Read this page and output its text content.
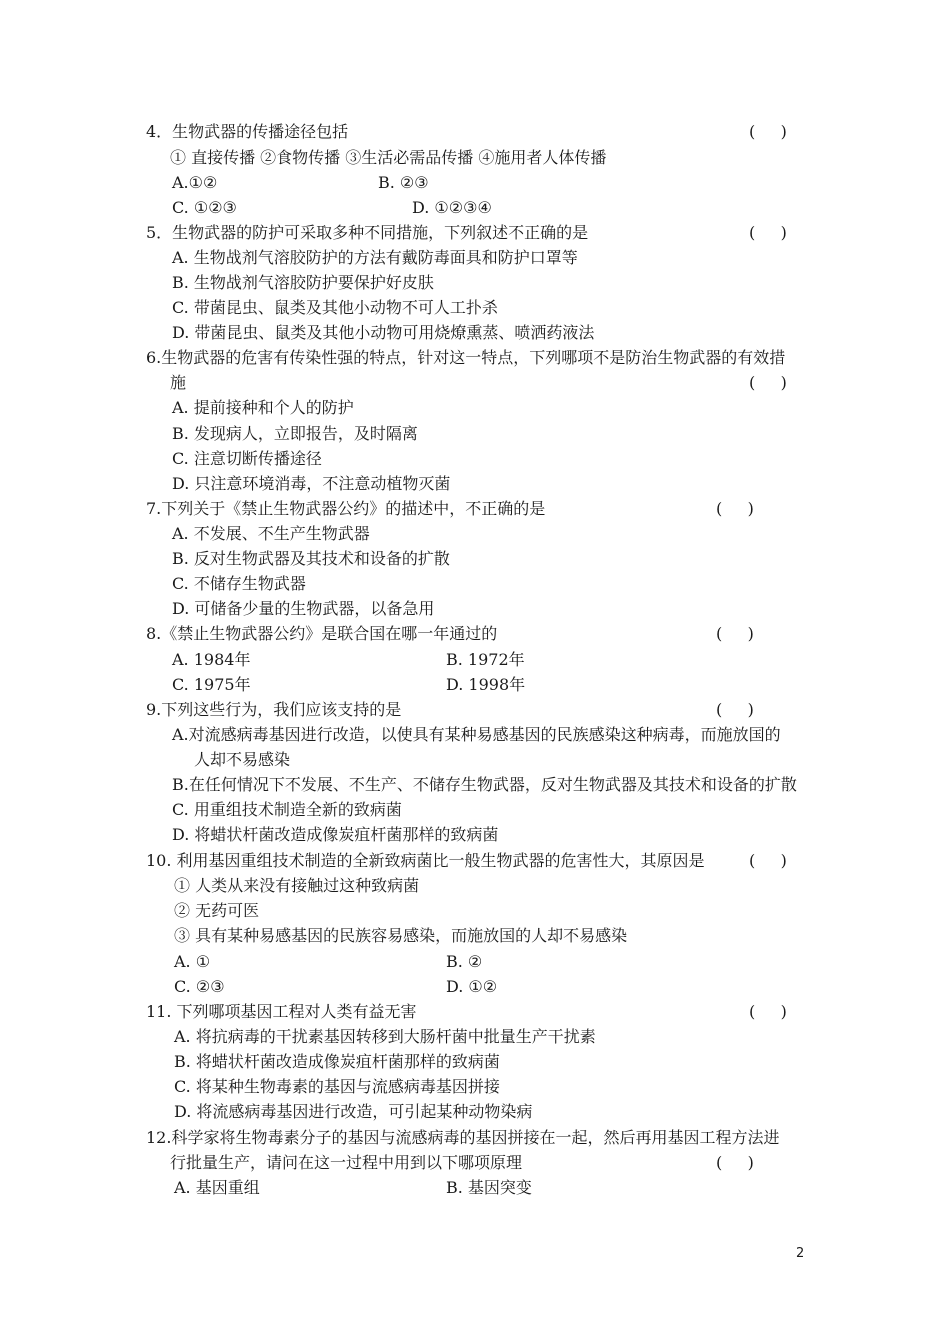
4．生物武器的传播途径包括	(     )
① 直接传播 ②食物传播 ③生活必需品传播 ④施用者人体传播
A.①②	B. ②③
C. ①②③	D. ①②③④
5．生物武器的防护可采取多种不同措施，下列叙述不正确的是	(     )
A. 生物战剂气溶胶防护的方法有戴防毒面具和防护口罩等
B. 生物战剂气溶胶防护要保护好皮肤
C. 带菌昆虫、鼠类及其他小动物不可人工扑杀
D. 带菌昆虫、鼠类及其他小动物可用烧燎熏蒸、喷洒药液法
6.生物武器的危害有传染性强的特点，针对这一特点，下列哪项不是防治生物武器的有效措
施	(     )
A. 提前接种和个人的防护
B. 发现病人，立即报告，及时隔离
C. 注意切断传播途径
D. 只注意环境消毒，不注意动植物灭菌
7.下列关于《禁止生物武器公约》的描述中，不正确的是	(     )
A. 不发展、不生产生物武器
B. 反对生物武器及其技术和设备的扩散
C. 不储存生物武器
D. 可储备少量的生物武器，以备急用
8.《禁止生物武器公约》是联合国在哪一年通过的	(     )
A. 1984年	B. 1972年
C. 1975年	D. 1998年
9.下列这些行为，我们应该支持的是	(     )
A.对流感病毒基因进行改造，以使具有某种易感基因的民族感染这种病毒，而施放国的
人却不易感染
B.在任何情况下不发展、不生产、不储存生物武器，反对生物武器及其技术和设备的扩散
C. 用重组技术制造全新的致病菌
D. 将蜡状杆菌改造成像炭疽杆菌那样的致病菌
10. 利用基因重组技术制造的全新致病菌比一般生物武器的危害性大，其原因是	(     )
① 人类从来没有接触过这种致病菌
② 无药可医
③ 具有某种易感基因的民族容易感染，而施放国的人却不易感染
A. ①	B. ②
C. ②③	D. ①②
11. 下列哪项基因工程对人类有益无害	(     )
A. 将抗病毒的干扰素基因转移到大肠杆菌中批量生产干扰素
B. 将蜡状杆菌改造成像炭疽杆菌那样的致病菌
C. 将某种生物毒素的基因与流感病毒基因拼接
D. 将流感病毒基因进行改造，可引起某种动物染病
12.科学家将生物毒素分子的基因与流感病毒的基因拼接在一起，然后再用基因工程方法进
行批量生产，请问在这一过程中用到以下哪项原理	(     )
A. 基因重组	B. 基因突变
2
